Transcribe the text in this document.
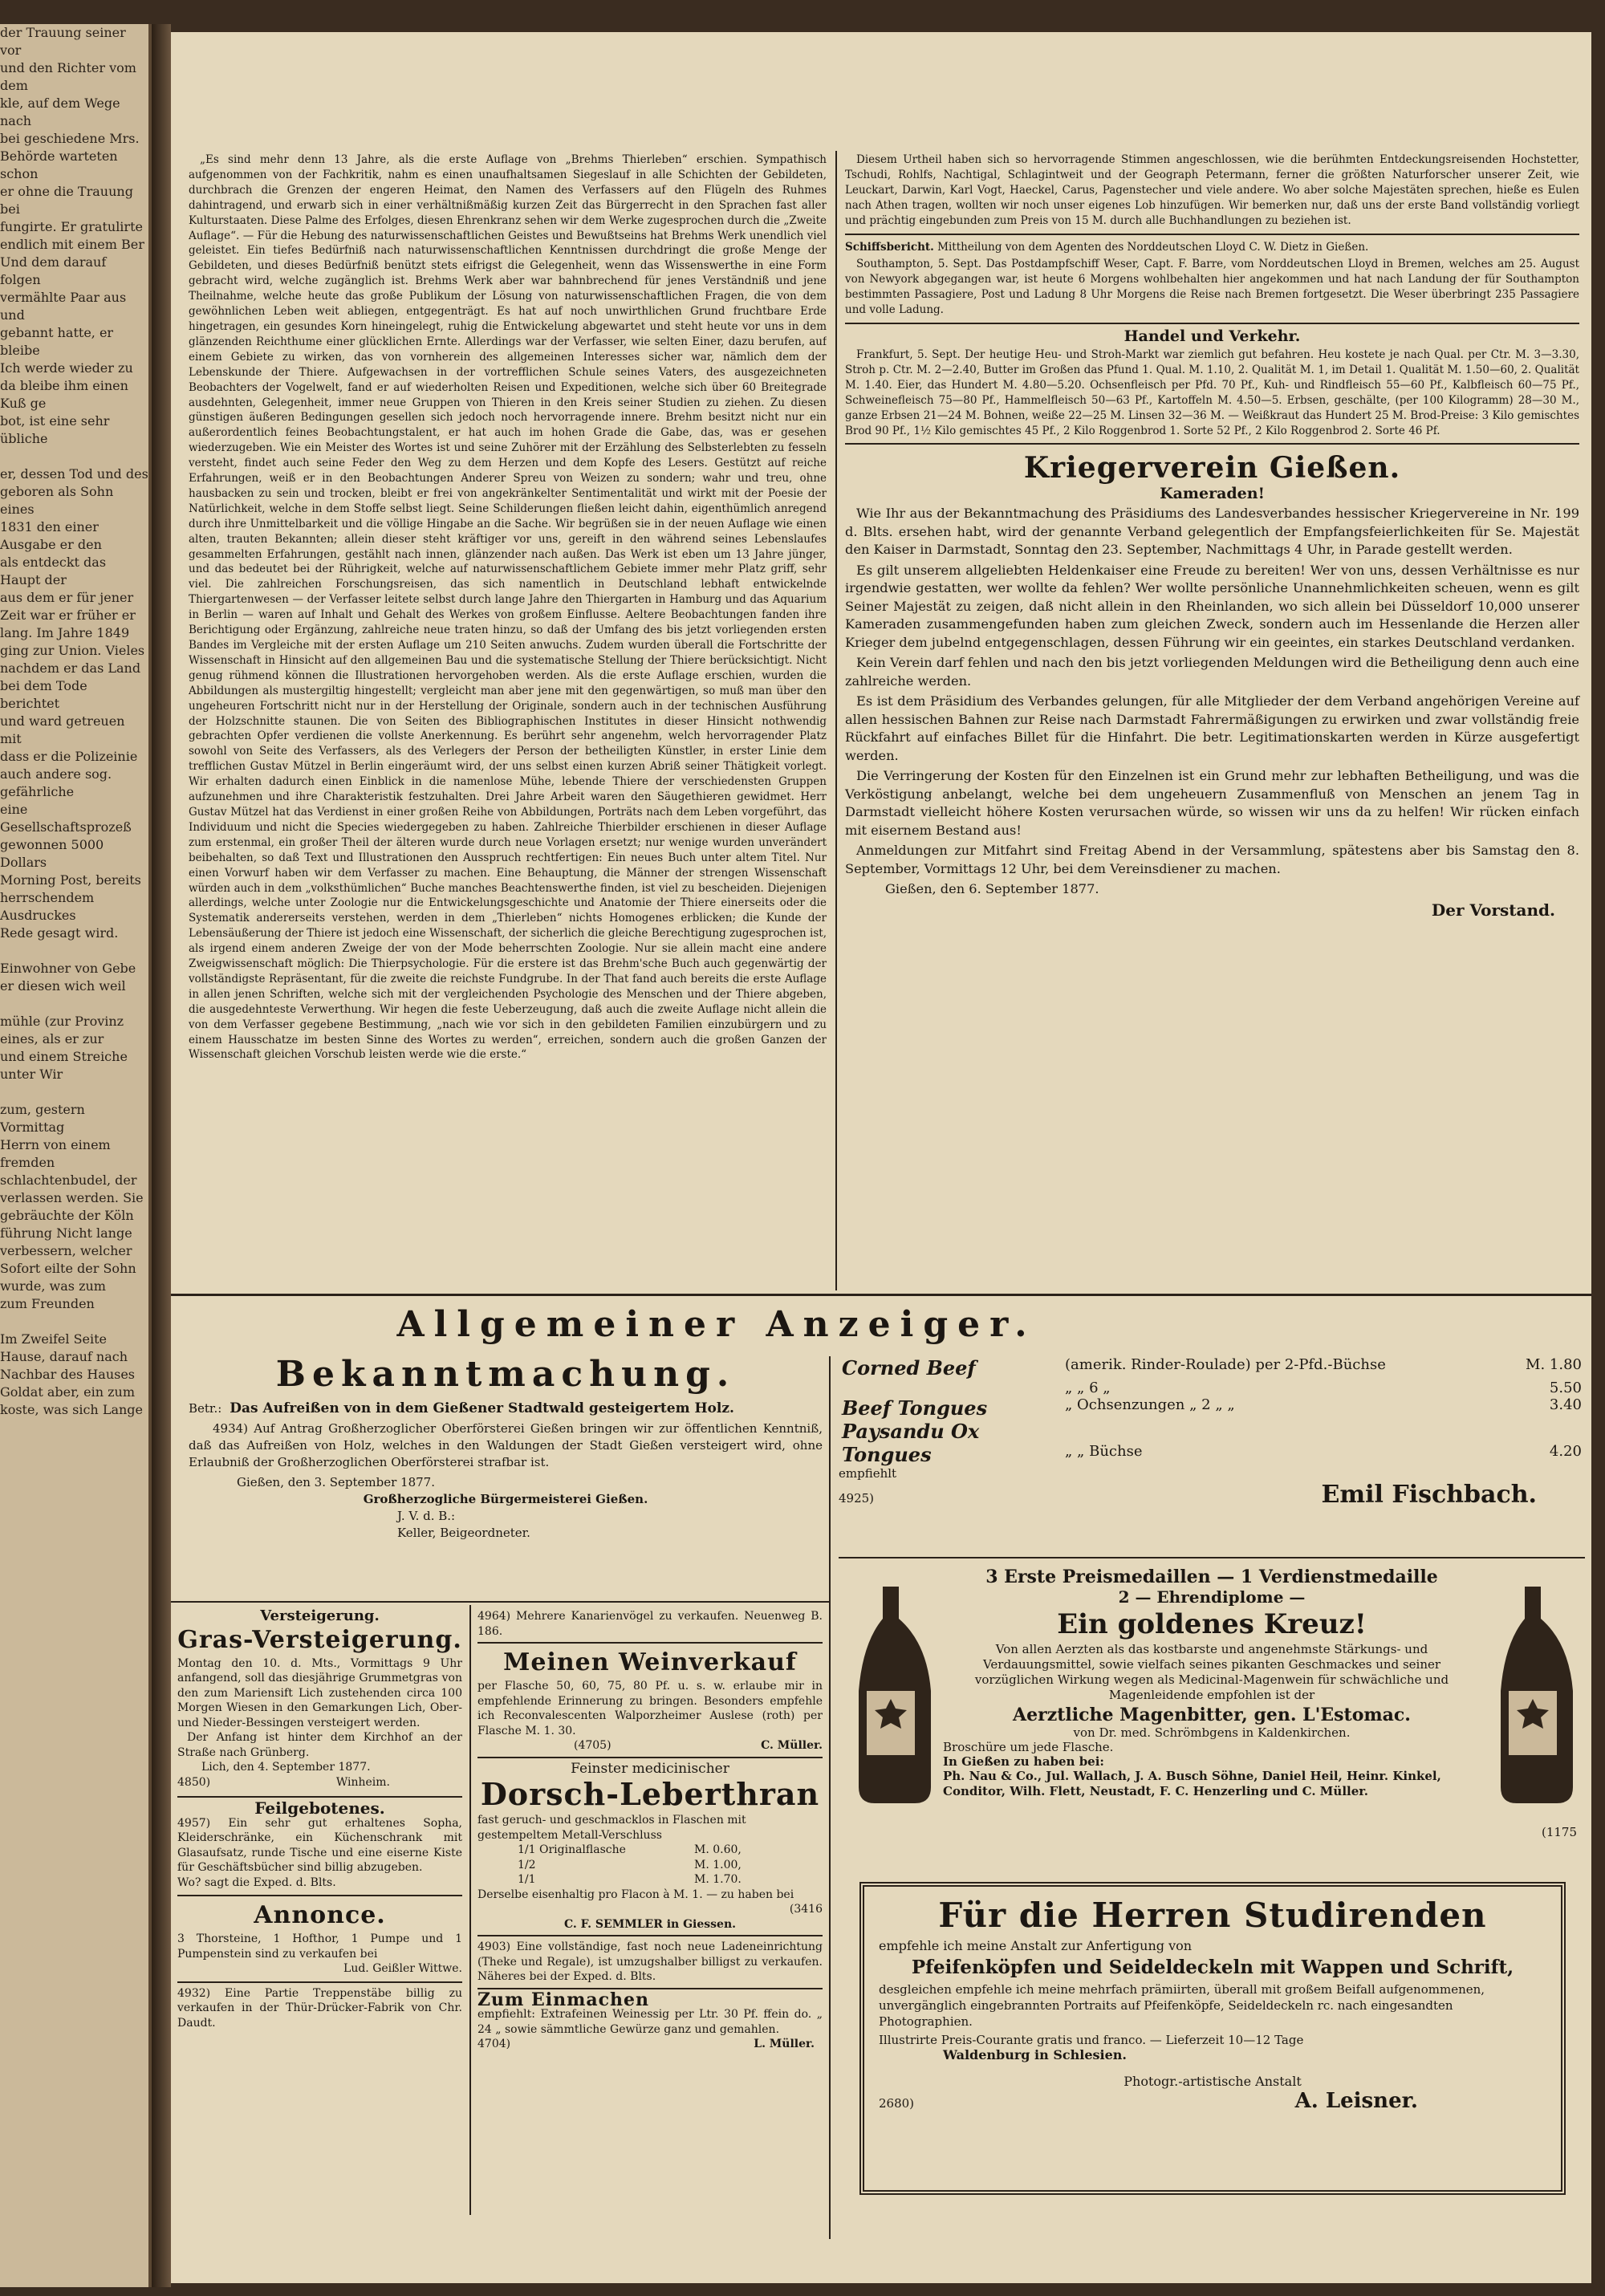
der Trauung seiner vor

und den Richter vom dem

kle, auf dem Wege nach

bei geschiedene Mrs.

Behörde warteten schon

er ohne die Trauung bei

fungirte. Er gratulirte

endlich mit einem Ber

Und dem darauf folgen

vermählte Paar aus und

gebannt hatte, er bleibe

Ich werde wieder zu

da bleibe ihm einen Kuß ge

bot, ist eine sehr übliche

er, dessen Tod und des

geboren als Sohn eines

1831 den einer

Ausgabe er den

als entdeckt das Haupt der

aus dem er für jener

Zeit war er früher er

lang. Im Jahre 1849

ging zur Union. Vieles

nachdem er das Land

bei dem Tode berichtet

und ward getreuen mit

dass er die Polizeinie

auch andere sog. gefährliche

eine Gesellschaftsprozeß

gewonnen 5000 Dollars

Morning Post, bereits

herrschendem Ausdruckes

Rede gesagt wird.

Einwohner von Gebe

er diesen wich weil

mühle (zur Provinz

eines, als er zur

und einem Streiche

unter Wir

zum, gestern Vormittag

Herrn von einem fremden

schlachtenbudel, der

verlassen werden. Sie

gebräuchte der Köln

führung Nicht lange

verbessern, welcher

Sofort eilte der Sohn

wurde, was zum

zum Freunden

Im Zweifel Seite

Hause, darauf nach

Nachbar des Hauses

Goldat aber, ein zum

koste, was sich Lange

„Es sind mehr denn 13 Jahre, als die erste Auflage von „Brehms Thierleben“ erschien. Sympathisch aufgenommen von der Fachkritik, nahm es einen unaufhaltsamen Siegeslauf in alle Schichten der Gebildeten, durchbrach die Grenzen der engeren Heimat, den Namen des Verfassers auf den Flügeln des Ruhmes dahintragend, und erwarb sich in einer verhältnißmäßig kurzen Zeit das Bürgerrecht in den Sprachen fast aller Kulturstaaten. Diese Palme des Erfolges, diesen Ehrenkranz sehen wir dem Werke zugesprochen durch die „Zweite Auflage“. — Für die Hebung des naturwissenschaftlichen Geistes und Bewußtseins hat Brehms Werk unendlich viel geleistet. Ein tiefes Bedürfniß nach naturwissenschaftlichen Kenntnissen durchdringt die große Menge der Gebildeten, und dieses Bedürfniß benützt stets eifrigst die Gelegenheit, wenn das Wissenswerthe in eine Form gebracht wird, welche zugänglich ist. Brehms Werk aber war bahnbrechend für jenes Verständniß und jene Theilnahme, welche heute das große Publikum der Lösung von naturwissenschaftlichen Fragen, die von dem gewöhnlichen Leben weit abliegen, entgegenträgt. Es hat auf noch unwirthlichen Grund fruchtbare Erde hingetragen, ein gesundes Korn hineingelegt, ruhig die Entwickelung abgewartet und steht heute vor uns in dem glänzenden Reichthume einer glücklichen Ernte. Allerdings war der Verfasser, wie selten Einer, dazu berufen, auf einem Gebiete zu wirken, das von vornherein des allgemeinen Interesses sicher war, nämlich dem der Lebenskunde der Thiere. Aufgewachsen in der vortrefflichen Schule seines Vaters, des ausgezeichneten Beobachters der Vogelwelt, fand er auf wiederholten Reisen und Expeditionen, welche sich über 60 Breitegrade ausdehnten, Gelegenheit, immer neue Gruppen von Thieren in den Kreis seiner Studien zu ziehen. Zu diesen günstigen äußeren Bedingungen gesellen sich jedoch noch hervorragende innere. Brehm besitzt nicht nur ein außerordentlich feines Beobachtungstalent, er hat auch im hohen Grade die Gabe, das, was er gesehen wiederzugeben. Wie ein Meister des Wortes ist und seine Zuhörer mit der Erzählung des Selbsterlebten zu fesseln versteht, findet auch seine Feder den Weg zu dem Herzen und dem Kopfe des Lesers. Gestützt auf reiche Erfahrungen, weiß er in den Beobachtungen Anderer Spreu von Weizen zu sondern; wahr und treu, ohne hausbacken zu sein und trocken, bleibt er frei von angekränkelter Sentimentalität und wirkt mit der Poesie der Natürlichkeit, welche in dem Stoffe selbst liegt. Seine Schilderungen fließen leicht dahin, eigenthümlich anregend durch ihre Unmittelbarkeit und die völlige Hingabe an die Sache. Wir begrüßen sie in der neuen Auflage wie einen alten, trauten Bekannten; allein dieser steht kräftiger vor uns, gereift in den während seines Lebenslaufes gesammelten Erfahrungen, gestählt nach innen, glänzender nach außen. Das Werk ist eben um 13 Jahre jünger, und das bedeutet bei der Rührigkeit, welche auf naturwissenschaftlichem Gebiete immer mehr Platz griff, sehr viel. Die zahlreichen Forschungsreisen, das sich namentlich in Deutschland lebhaft entwickelnde Thiergartenwesen — der Verfasser leitete selbst durch lange Jahre den Thiergarten in Hamburg und das Aquarium in Berlin — waren auf Inhalt und Gehalt des Werkes von großem Einflusse. Aeltere Beobachtungen fanden ihre Berichtigung oder Ergänzung, zahlreiche neue traten hinzu, so daß der Umfang des bis jetzt vorliegenden ersten Bandes im Vergleiche mit der ersten Auflage um 210 Seiten anwuchs. Zudem wurden überall die Fortschritte der Wissenschaft in Hinsicht auf den allgemeinen Bau und die systematische Stellung der Thiere berücksichtigt. Nicht genug rühmend können die Illustrationen hervorgehoben werden. Als die erste Auflage erschien, wurden die Abbildungen als mustergiltig hingestellt; vergleicht man aber jene mit den gegenwärtigen, so muß man über den ungeheuren Fortschritt nicht nur in der Herstellung der Originale, sondern auch in der technischen Ausführung der Holzschnitte staunen. Die von Seiten des Bibliographischen Institutes in dieser Hinsicht nothwendig gebrachten Opfer verdienen die vollste Anerkennung. Es berührt sehr angenehm, welch hervorragender Platz sowohl von Seite des Verfassers, als des Verlegers der Person der betheiligten Künstler, in erster Linie dem trefflichen Gustav Mützel in Berlin eingeräumt wird, der uns selbst einen kurzen Abriß seiner Thätigkeit vorlegt. Wir erhalten dadurch einen Einblick in die namenlose Mühe, lebende Thiere der verschiedensten Gruppen aufzunehmen und ihre Charakteristik festzuhalten. Drei Jahre Arbeit waren den Säugethieren gewidmet. Herr Gustav Mützel hat das Verdienst in einer großen Reihe von Abbildungen, Porträts nach dem Leben vorgeführt, das Individuum und nicht die Species wiedergegeben zu haben. Zahlreiche Thierbilder erschienen in dieser Auflage zum erstenmal, ein großer Theil der älteren wurde durch neue Vorlagen ersetzt; nur wenige wurden unverändert beibehalten, so daß Text und Illustrationen den Ausspruch rechtfertigen: Ein neues Buch unter altem Titel. Nur einen Vorwurf haben wir dem Verfasser zu machen. Eine Behauptung, die Männer der strengen Wissenschaft würden auch in dem „volksthümlichen“ Buche manches Beachtenswerthe finden, ist viel zu bescheiden. Diejenigen allerdings, welche unter Zoologie nur die Entwickelungsgeschichte und Anatomie der Thiere einerseits oder die Systematik andererseits verstehen, werden in dem „Thierleben“ nichts Homogenes erblicken; die Kunde der Lebensäußerung der Thiere ist jedoch eine Wissenschaft, der sicherlich die gleiche Berechtigung zugesprochen ist, als irgend einem anderen Zweige der von der Mode beherrschten Zoologie. Nur sie allein macht eine andere Zweigwissenschaft möglich: Die Thierpsychologie. Für die erstere ist das Brehm'sche Buch auch gegenwärtig der vollständigste Repräsentant, für die zweite die reichste Fundgrube. In der That fand auch bereits die erste Auflage in allen jenen Schriften, welche sich mit der vergleichenden Psychologie des Menschen und der Thiere abgeben, die ausgedehnteste Verwerthung. Wir hegen die feste Ueberzeugung, daß auch die zweite Auflage nicht allein die von dem Verfasser gegebene Bestimmung, „nach wie vor sich in den gebildeten Familien einzubürgern und zu einem Hausschatze im besten Sinne des Wortes zu werden“, erreichen, sondern auch die großen Ganzen der Wissenschaft gleichen Vorschub leisten werde wie die erste.“

Diesem Urtheil haben sich so hervorragende Stimmen angeschlossen, wie die berühmten Entdeckungsreisenden Hochstetter, Tschudi, Rohlfs, Nachtigal, Schlagintweit und der Geograph Petermann, ferner die größten Naturforscher unserer Zeit, wie Leuckart, Darwin, Karl Vogt, Haeckel, Carus, Pagenstecher und viele andere. Wo aber solche Majestäten sprechen, hieße es Eulen nach Athen tragen, wollten wir noch unser eigenes Lob hinzufügen. Wir bemerken nur, daß uns der erste Band vollständig vorliegt und prächtig eingebunden zum Preis von 15 M. durch alle Buchhandlungen zu beziehen ist.

Schiffsbericht. Mittheilung von dem Agenten des Norddeutschen Lloyd C. W. Dietz in Gießen.

Southampton, 5. Sept. Das Postdampfschiff Weser, Capt. F. Barre, vom Norddeutschen Lloyd in Bremen, welches am 25. August von Newyork abgegangen war, ist heute 6 Morgens wohlbehalten hier angekommen und hat nach Landung der für Southampton bestimmten Passagiere, Post und Ladung 8 Uhr Morgens die Reise nach Bremen fortgesetzt. Die Weser überbringt 235 Passagiere und volle Ladung.

Handel und Verkehr.

Frankfurt, 5. Sept. Der heutige Heu- und Stroh-Markt war ziemlich gut befahren. Heu kostete je nach Qual. per Ctr. M. 3—3.30, Stroh p. Ctr. M. 2—2.40, Butter im Großen das Pfund 1. Qual. M. 1.10, 2. Qualität M. 1, im Detail 1. Qualität M. 1.50—60, 2. Qualität M. 1.40. Eier, das Hundert M. 4.80—5.20. Ochsenfleisch per Pfd. 70 Pf., Kuh- und Rindfleisch 55—60 Pf., Kalbfleisch 60—75 Pf., Schweinefleisch 75—80 Pf., Hammelfleisch 50—63 Pf., Kartoffeln M. 4.50—5. Erbsen, geschälte, (per 100 Kilogramm) 28—30 M., ganze Erbsen 21—24 M. Bohnen, weiße 22—25 M. Linsen 32—36 M. — Weißkraut das Hundert 25 M. Brod-Preise: 3 Kilo gemischtes Brod 90 Pf., 1½ Kilo gemischtes 45 Pf., 2 Kilo Roggenbrod 1. Sorte 52 Pf., 2 Kilo Roggenbrod 2. Sorte 46 Pf.

Kriegerverein Gießen.
Kameraden!

Wie Ihr aus der Bekanntmachung des Präsidiums des Landesverbandes hessischer Kriegervereine in Nr. 199 d. Blts. ersehen habt, wird der genannte Verband gelegentlich der Empfangsfeierlichkeiten für Se. Majestät den Kaiser in Darmstadt, Sonntag den 23. September, Nachmittags 4 Uhr, in Parade gestellt werden.

Es gilt unserem allgeliebten Heldenkaiser eine Freude zu bereiten! Wer von uns, dessen Verhältnisse es nur irgendwie gestatten, wer wollte da fehlen? Wer wollte persönliche Unannehmlichkeiten scheuen, wenn es gilt Seiner Majestät zu zeigen, daß nicht allein in den Rheinlanden, wo sich allein bei Düsseldorf 10,000 unserer Kameraden zusammengefunden haben zum gleichen Zweck, sondern auch im Hessenlande die Herzen aller Krieger dem jubelnd entgegenschlagen, dessen Führung wir ein geeintes, ein starkes Deutschland verdanken.

Kein Verein darf fehlen und nach den bis jetzt vorliegenden Meldungen wird die Betheiligung denn auch eine zahlreiche werden.

Es ist dem Präsidium des Verbandes gelungen, für alle Mitglieder der dem Verband angehörigen Vereine auf allen hessischen Bahnen zur Reise nach Darmstadt Fahrermäßigungen zu erwirken und zwar vollständig freie Rückfahrt auf einfaches Billet für die Hinfahrt. Die betr. Legitimationskarten werden in Kürze ausgefertigt werden.

Die Verringerung der Kosten für den Einzelnen ist ein Grund mehr zur lebhaften Betheiligung, und was die Verköstigung anbelangt, welche bei dem ungeheuern Zusammenfluß von Menschen an jenem Tag in Darmstadt vielleicht höhere Kosten verursachen würde, so wissen wir uns da zu helfen! Wir rücken einfach mit eisernem Bestand aus!

Anmeldungen zur Mitfahrt sind Freitag Abend in der Versammlung, spätestens aber bis Samstag den 8. September, Vormittags 12 Uhr, bei dem Vereinsdiener zu machen.

Gießen, den 6. September 1877.

Der Vorstand.

Allgemeiner Anzeiger.
Bekanntmachung.
Betr.: Das Aufreißen von in dem Gießener Stadtwald gesteigertem Holz.

4934) Auf Antrag Großherzoglicher Oberförsterei Gießen bringen wir zur öffentlichen Kenntniß, daß das Aufreißen von Holz, welches in den Waldungen der Stadt Gießen versteigert wird, ohne Erlaubniß der Großherzoglichen Oberförsterei strafbar ist.

Gießen, den 3. September 1877.

Großherzogliche Bürgermeisterei Gießen.

J. V. d. B.:

Keller, Beigeordneter.

Corned Beef	(amerik. Rinder-Roulade) per 2-Pfd.-Büchse	M. 1.80
	„ „ 6 „	5.50
Beef Tongues	„ Ochsenzungen „ 2 „ „	3.40
Paysandu Ox		
Tongues	„ „ Büchse	4.20
empfiehlt
4925)	Emil Fischbach.
3 Erste Preismedaillen — 1 Verdienstmedaille
2 — Ehrendiplome —
Ein goldenes Kreuz!
Von allen Aerzten als das kostbarste und angenehmste Stärkungs- und Verdauungsmittel, sowie vielfach seines pikanten Geschmackes und seiner vorzüglichen Wirkung wegen als Medicinal-Magenwein für schwächliche und Magenleidende empfohlen ist der
Aerztliche Magenbitter, gen. L'Estomac.
von Dr. med. Schrömbgens in Kaldenkirchen.
Broschüre um jede Flasche.
In Gießen zu haben bei:
Ph. Nau & Co., Jul. Wallach, J. A. Busch Söhne, Daniel Heil, Heinr. Kinkel, Conditor, Wilh. Flett, Neustadt, F. C. Henzerling und C. Müller.
(1175
Für die Herren Studirenden
empfehle ich meine Anstalt zur Anfertigung von
Pfeifenköpfen und Seideldeckeln mit Wappen und Schrift,
desgleichen empfehle ich meine mehrfach prämiirten, überall mit großem Beifall aufgenommenen, unvergänglich eingebrannten Portraits auf Pfeifenköpfe, Seideldeckeln rc. nach eingesandten Photographien.
Illustrirte Preis-Courante gratis und franco. — Lieferzeit 10—12 Tage
Waldenburg in Schlesien.
Photogr.-artistische Anstalt
2680)	A. Leisner.
Versteigerung.
Gras-Versteigerung.

Montag den 10. d. Mts., Vormittags 9 Uhr anfangend, soll das diesjährige Grummetgras von den zum Mariensift Lich zustehenden circa 100 Morgen Wiesen in den Gemarkungen Lich, Ober- und Nieder-Bessingen versteigert werden.

Der Anfang ist hinter dem Kirchhof an der Straße nach Grünberg.

Lich, den 4. September 1877.

4850)	Winheim.
Feilgebotenes.

4957) Ein sehr gut erhaltenes Sopha, Kleiderschränke, ein Küchenschrank mit Glasaufsatz, runde Tische und eine eiserne Kiste für Geschäftsbücher sind billig abzugeben.

Wo? sagt die Exped. d. Blts.

Annonce.

3 Thorsteine, 1 Hofthor, 1 Pumpe und 1 Pumpenstein sind zu verkaufen bei

Lud. Geißler Wittwe.

4932) Eine Partie Treppenstäbe billig zu verkaufen in der Thür-Drücker-Fabrik von Chr. Daudt.

4964) Mehrere Kanarienvögel zu verkaufen. Neuenweg B. 186.

Meinen Weinverkauf

per Flasche 50, 60, 75, 80 Pf. u. s. w. erlaube mir in empfehlende Erinnerung zu bringen. Besonders empfehle ich Reconvalescenten Walporzheimer Auslese (roth) per Flasche M. 1. 30.

(4705)	C. Müller.
Feinster medicinischer
Dorsch-Leberthran

fast geruch- und geschmacklos in Flaschen mit gestempeltem Metall-Verschluss

1/1 Originalflasche	M. 0.60,
1/2	M. 1.00,
1/1	M. 1.70.

Derselbe eisenhaltig pro Flacon à M. 1. — zu haben bei

(3416
C. F. SEMMLER in Giessen.

4903) Eine vollständige, fast noch neue Ladeneinrichtung (Theke und Regale), ist umzugshalber billigst zu verkaufen. Näheres bei der Exped. d. Blts.

Zum Einmachen

empfiehlt: Extrafeinen Weinessig per Ltr. 30 Pf. ffein do. „ 24 „ sowie sämmtliche Gewürze ganz und gemahlen.

4704)	L. Müller.
